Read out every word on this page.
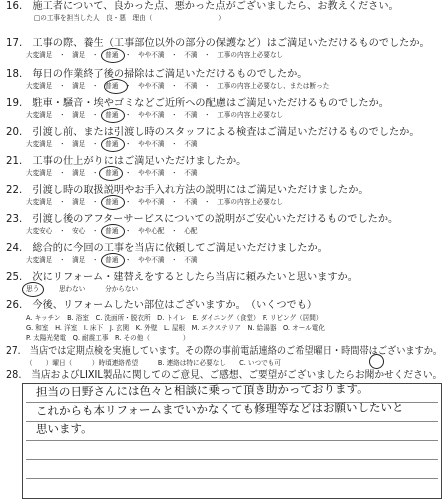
16.　施工者について、良かった点、悪かった点がございましたら、お教えください。
□の工事を担当した人　良・悪　理由（　　　　　　　　　　）
17.　工事の際、養生（工事部位以外の部分の保護など）はご満足いただけるものでしたか。
大変満足　・　満足　・　普通　・　やや不満　・　不満　・　工事の内容上必要なし
18.　毎日の作業終了後の掃除はご満足いただけるものでしたか。
大変満足　・　満足　・　普通　・　やや不満　・　不満　・　工事の内容上必要なし、または断った
19.　駐車・騒音・埃やゴミなどご近所への配慮はご満足いただけるものでしたか。
大変満足　・　満足　・　普通　・　やや不満　・　不満　・　工事の内容上必要なし
20.　引渡し前、または引渡し時のスタッフによる検査はご満足いただけるものでしたか。
大変満足　・　満足　・　普通　・　やや不満　・　不満
21.　工事の仕上がりにはご満足いただけましたか。
大変満足　・　満足　・　普通　・　やや不満　・　不満
22.　引渡し時の取扱説明やお手入れ方法の説明にはご満足いただけましたか。
大変満足　・　満足　・　普通　・　やや不満　・　不満　・　工事の内容上必要なし
23.　引渡し後のアフターサービスについての説明がご安心いただけるものでしたか。
大変安心　・　安心　・　普通　・　やや心配　・　心配
24.　総合的に今回の工事を当店に依頼してご満足いただけましたか。
大変満足　・　満足　・　普通　・　やや不満　・　不満
25.　次にリフォーム・建替えをするとしたら当店に頼みたいと思いますか。
思う　　　思わない　　　分からない
26.　今後、リフォームしたい部位はございますか。　（いくつでも）
A. キッチン　B. 浴室　C. 洗面所・脱衣所　D. トイレ　E. ダイニング（食堂）　F. リビング（居間）
G. 和室　H. 洋室　I. 床下　J. 玄関　K. 外壁　L. 屋根　M. エクステリア　N. 給湯器　O. オール電化
P. 太陽光発電　Q. 耐震工事　R. その他（　　　　　）
27.　当店では定期点検を実施しています。その際の事前電話連絡のご希望曜日・時間帯はございますか。
（　　）曜日（　　　）時頃連絡希望　　　B. 連絡は特に必要なし　　C. いつでも可
28.　当店およびLIXIL製品に関してのご意見、ご感想、ご要望がございましたらお聞かせください。
担当の日野さんには色々と相談に乗って頂き助かっております。
これからも本リフォームまでいかなくても修理等などはお願いしたいと
思います。
